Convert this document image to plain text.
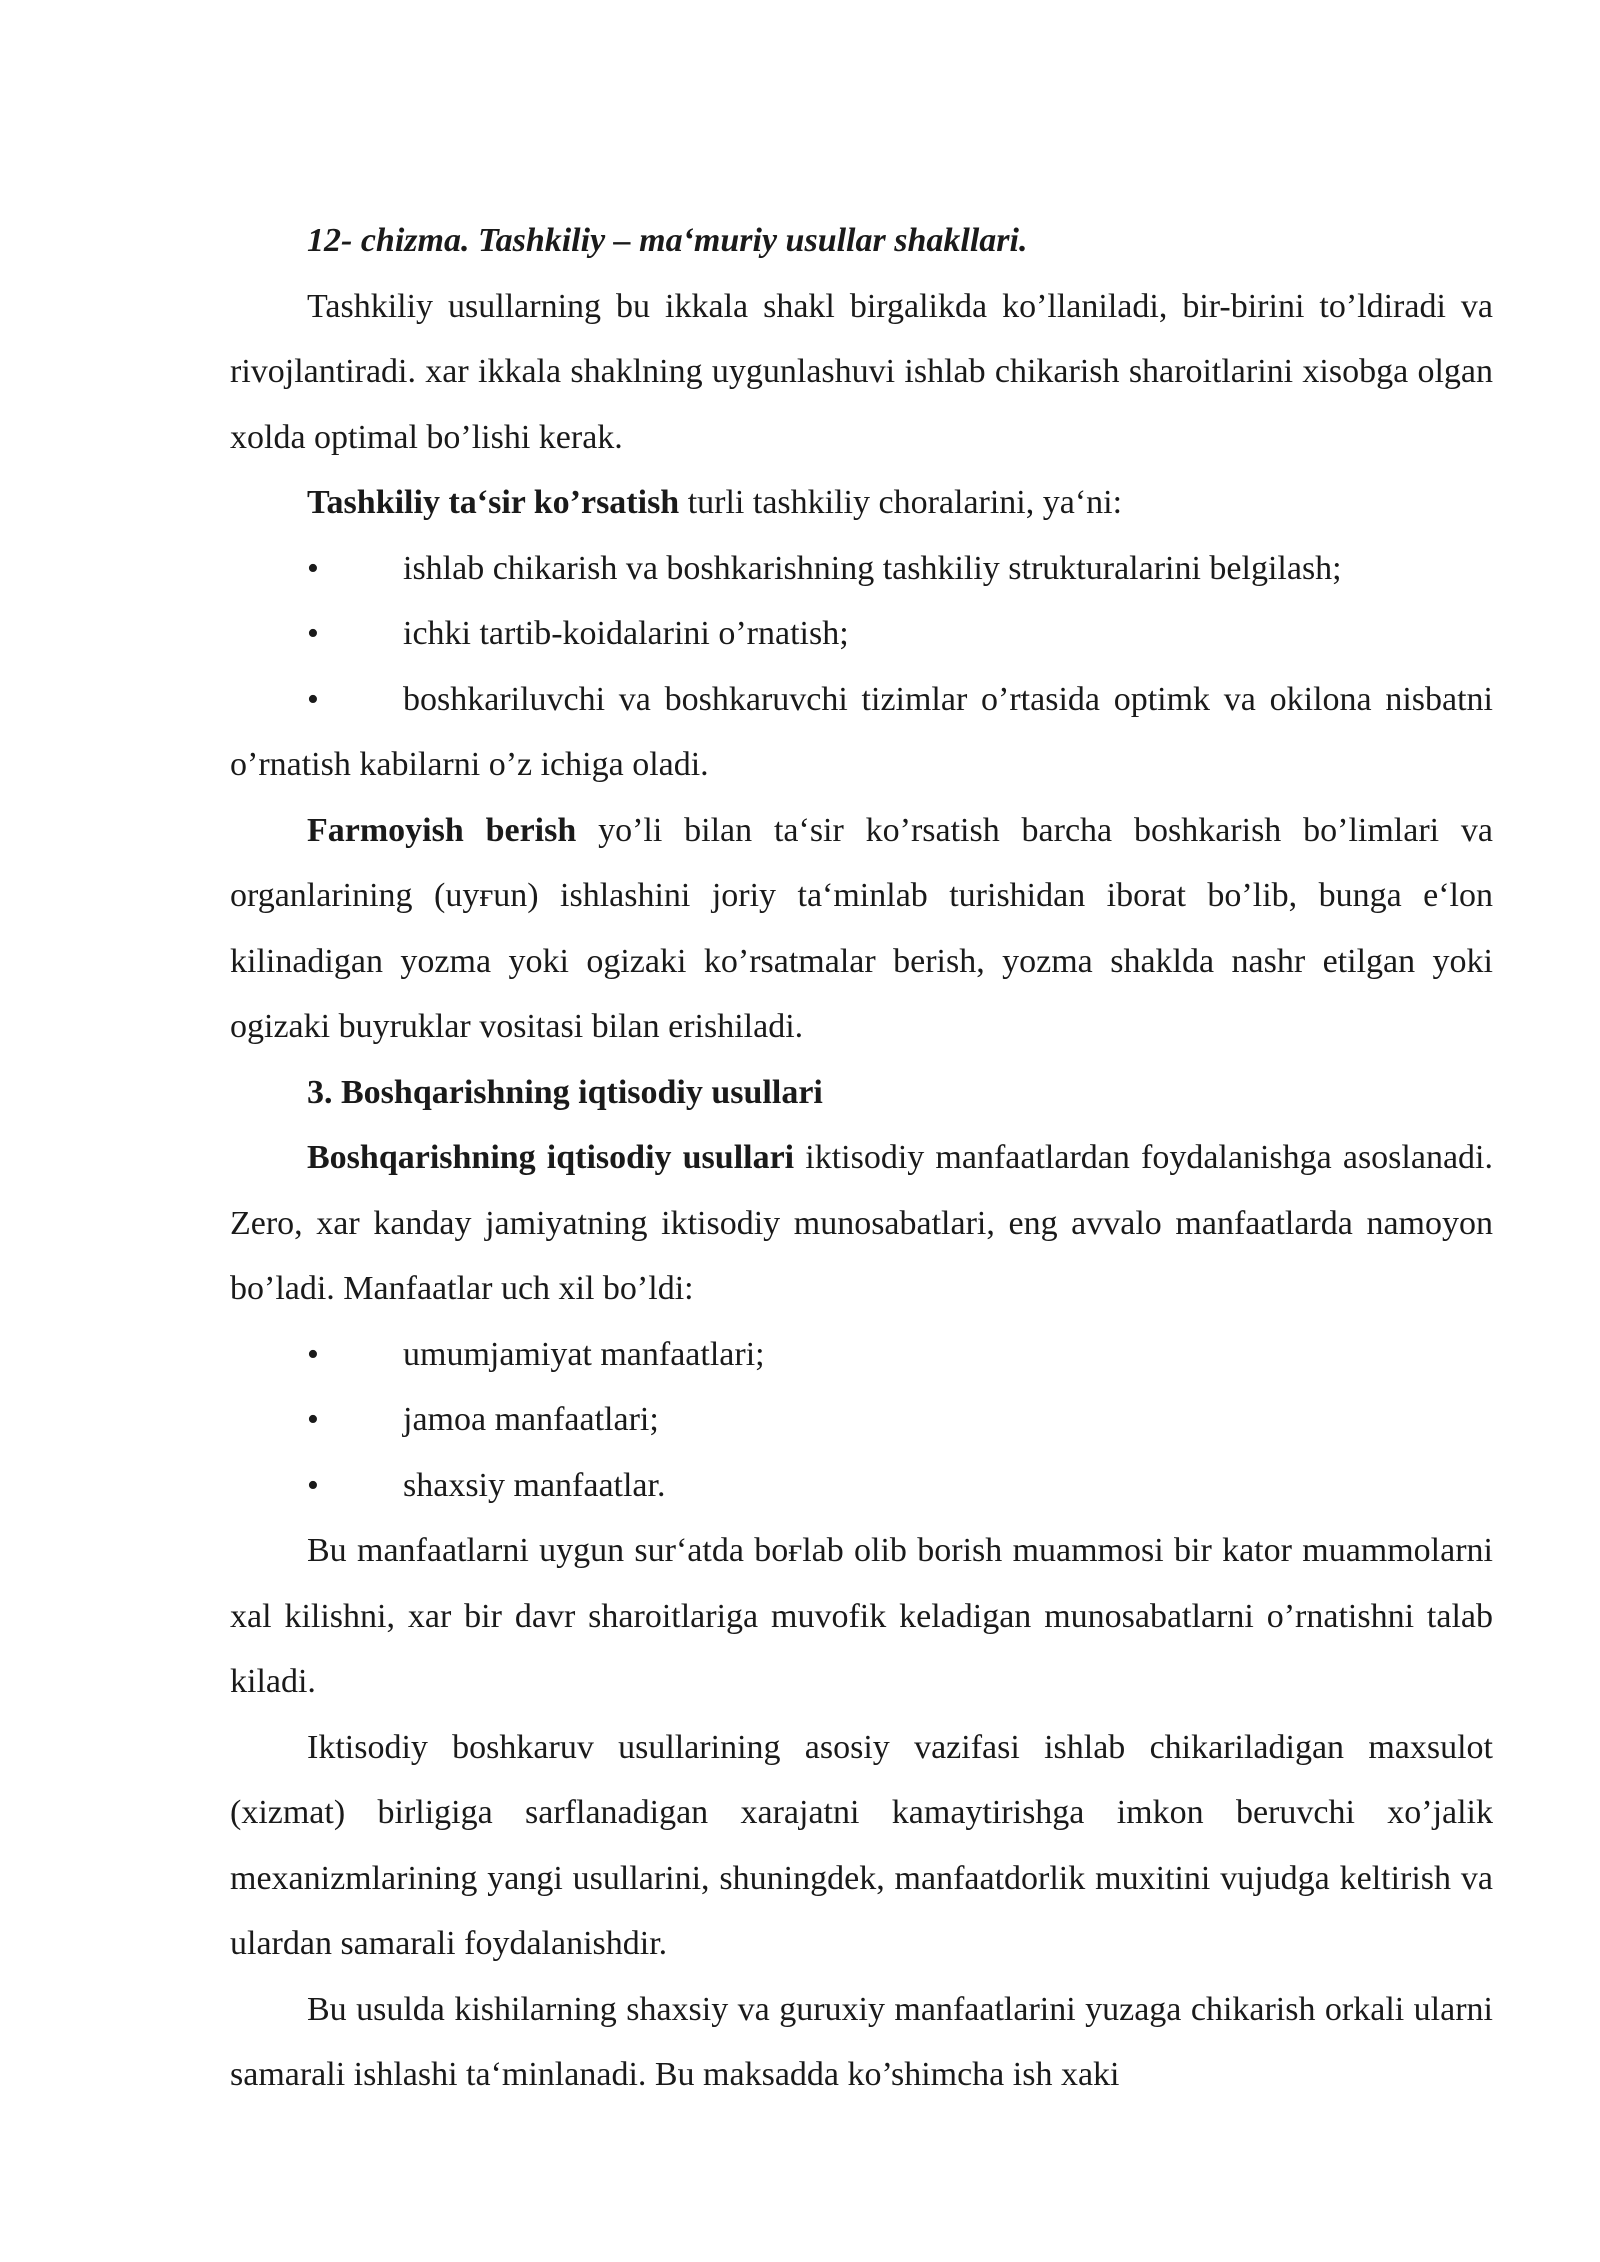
12- chizma. Tashkiliy – ma‘muriy usullar shakllari.

Tashkiliy usullarning bu ikkala shakl birgalikda ko’llaniladi, bir-birini to’ldiradi va rivojlantiradi. xar ikkala shaklning uygunlashuvi ishlab chikarish sharoitlarini xisobga olgan xolda optimal bo’lishi kerak.

Tashkiliy ta‘sir ko’rsatish turli tashkiliy choralarini, ya‘ni:

• ishlab chikarish va boshkarishning tashkiliy strukturalarini belgilash;

• ichki tartib-koidalarini o’rnatish;

• boshkariluvchi va boshkaruvchi tizimlar o’rtasida optimk va okilona nisbatni o’rnatish kabilarni o’z ichiga oladi.

Farmoyish berish yo’li bilan ta‘sir ko’rsatish barcha boshkarish bo’limlari va organlarining (uyғun) ishlashini joriy ta‘minlab turishidan iborat bo’lib, bunga e‘lon kilinadigan yozma yoki ogizaki ko’rsatmalar berish, yozma shaklda nashr etilgan yoki ogizaki buyruklar vositasi bilan erishiladi.

3. Boshqarishning iqtisodiy usullari

Boshqarishning iqtisodiy usullari iktisodiy manfaatlardan foydalanishga asoslanadi. Zero, xar kanday jamiyatning iktisodiy munosabatlari, eng avvalo manfaatlarda namoyon bo’ladi. Manfaatlar uch xil bo’ldi:

• umumjamiyat manfaatlari;

• jamoa manfaatlari;

• shaxsiy manfaatlar.

Bu manfaatlarni uygun sur‘atda boғlab olib borish muammosi bir kator muammolarni xal kilishni, xar bir davr sharoitlariga muvofik keladigan munosabatlarni o’rnatishni talab kiladi.

Iktisodiy boshkaruv usullarining asosiy vazifasi ishlab chikariladigan maxsulot (xizmat) birligiga sarflanadigan xarajatni kamaytirishga imkon beruvchi xo’jalik mexanizmlarining yangi usullarini, shuningdek, manfaatdorlik muxitini vujudga keltirish va ulardan samarali foydalanishdir.

Bu usulda kishilarning shaxsiy va guruxiy manfaatlarini yuzaga chikarish orkali ularni samarali ishlashi ta‘minlanadi. Bu maksadda ko’shimcha ish xaki
